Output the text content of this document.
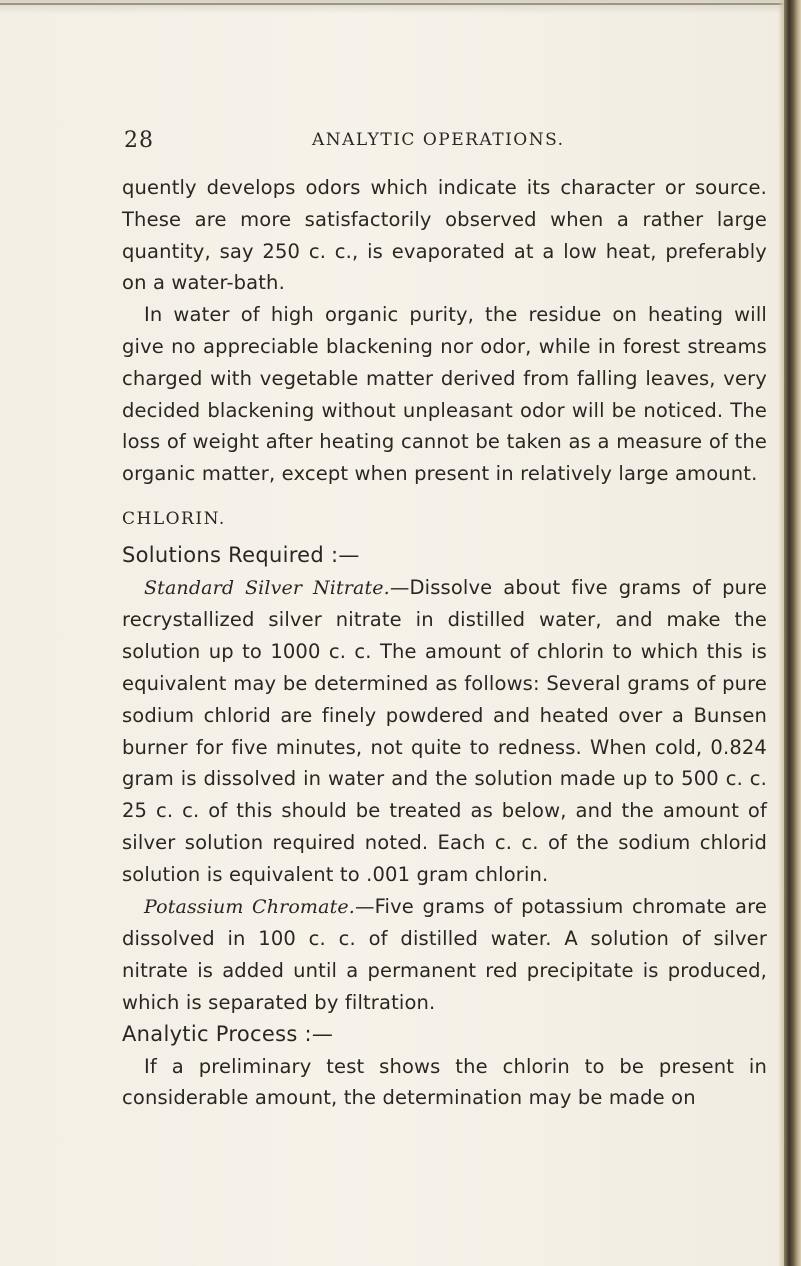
28	ANALYTIC OPERATIONS.

quently develops odors which indicate its character or source. These are more satisfactorily observed when a rather large quantity, say 250 c. c., is evaporated at a low heat, preferably on a water-bath.

In water of high organic purity, the residue on heating will give no appreciable blackening nor odor, while in forest streams charged with vegetable matter derived from falling leaves, very decided blackening without unpleasant odor will be noticed. The loss of weight after heating cannot be taken as a measure of the organic matter, except when present in relatively large amount.

CHLORIN.

Solutions Required :—

Standard Silver Nitrate.—Dissolve about five grams of pure recrystallized silver nitrate in distilled water, and make the solution up to 1000 c. c. The amount of chlorin to which this is equivalent may be determined as follows: Several grams of pure sodium chlorid are finely powdered and heated over a Bunsen burner for five minutes, not quite to redness. When cold, 0.824 gram is dissolved in water and the solution made up to 500 c. c. 25 c. c. of this should be treated as below, and the amount of silver solution required noted. Each c. c. of the sodium chlorid solution is equivalent to .001 gram chlorin.

Potassium Chromate.—Five grams of potassium chromate are dissolved in 100 c. c. of distilled water. A solution of silver nitrate is added until a permanent red precipitate is produced, which is separated by filtration.

Analytic Process :—

If a preliminary test shows the chlorin to be present in considerable amount, the determination may be made on
